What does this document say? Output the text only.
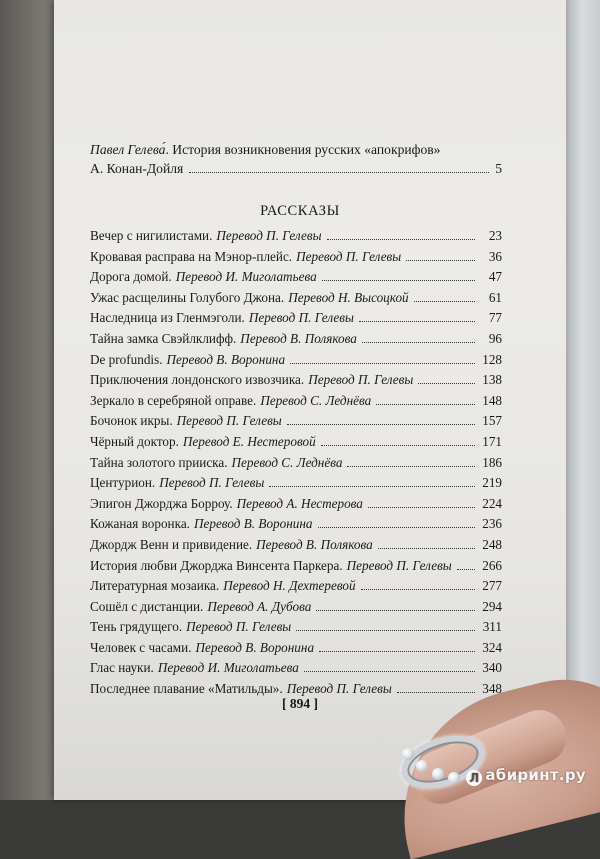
Павел Гелева́. История возникновения русских «апокрифов»
А. Конан-Дойля	5
РАССКАЗЫ
Вечер с нигилистами. Перевод П. Гелевы	23
Кровавая расправа на Мэнор-плейс. Перевод П. Гелевы	36
Дорога домой. Перевод И. Миголатьева	47
Ужас расщелины Голубого Джона. Перевод Н. Высоцкой	61
Наследница из Гленмэголи. Перевод П. Гелевы	77
Тайна замка Свэйлклифф. Перевод В. Полякова	96
De profundis. Перевод В. Воронина	128
Приключения лондонского извозчика. Перевод П. Гелевы	138
Зеркало в серебряной оправе. Перевод С. Леднёва	148
Бочонок икры. Перевод П. Гелевы	157
Чёрный доктор. Перевод Е. Нестеровой	171
Тайна золотого прииска. Перевод С. Леднёва	186
Центурион. Перевод П. Гелевы	219
Эпигон Джорджа Борроу. Перевод А. Нестерова	224
Кожаная воронка. Перевод В. Воронина	236
Джордж Венн и привидение. Перевод В. Полякова	248
История любви Джорджа Винсента Паркера. Перевод П. Гелевы 266
Литературная мозаика. Перевод Н. Дехтеревой	277
Сошёл с дистанции. Перевод А. Дубова	294
Тень грядущего. Перевод П. Гелевы	311
Человек с часами. Перевод В. Воронина	324
Глас науки. Перевод И. Миголатьева	340
Последнее плавание «Матильды». Перевод П. Гелевы	348
[ 894 ]
Л абиринт.ру
